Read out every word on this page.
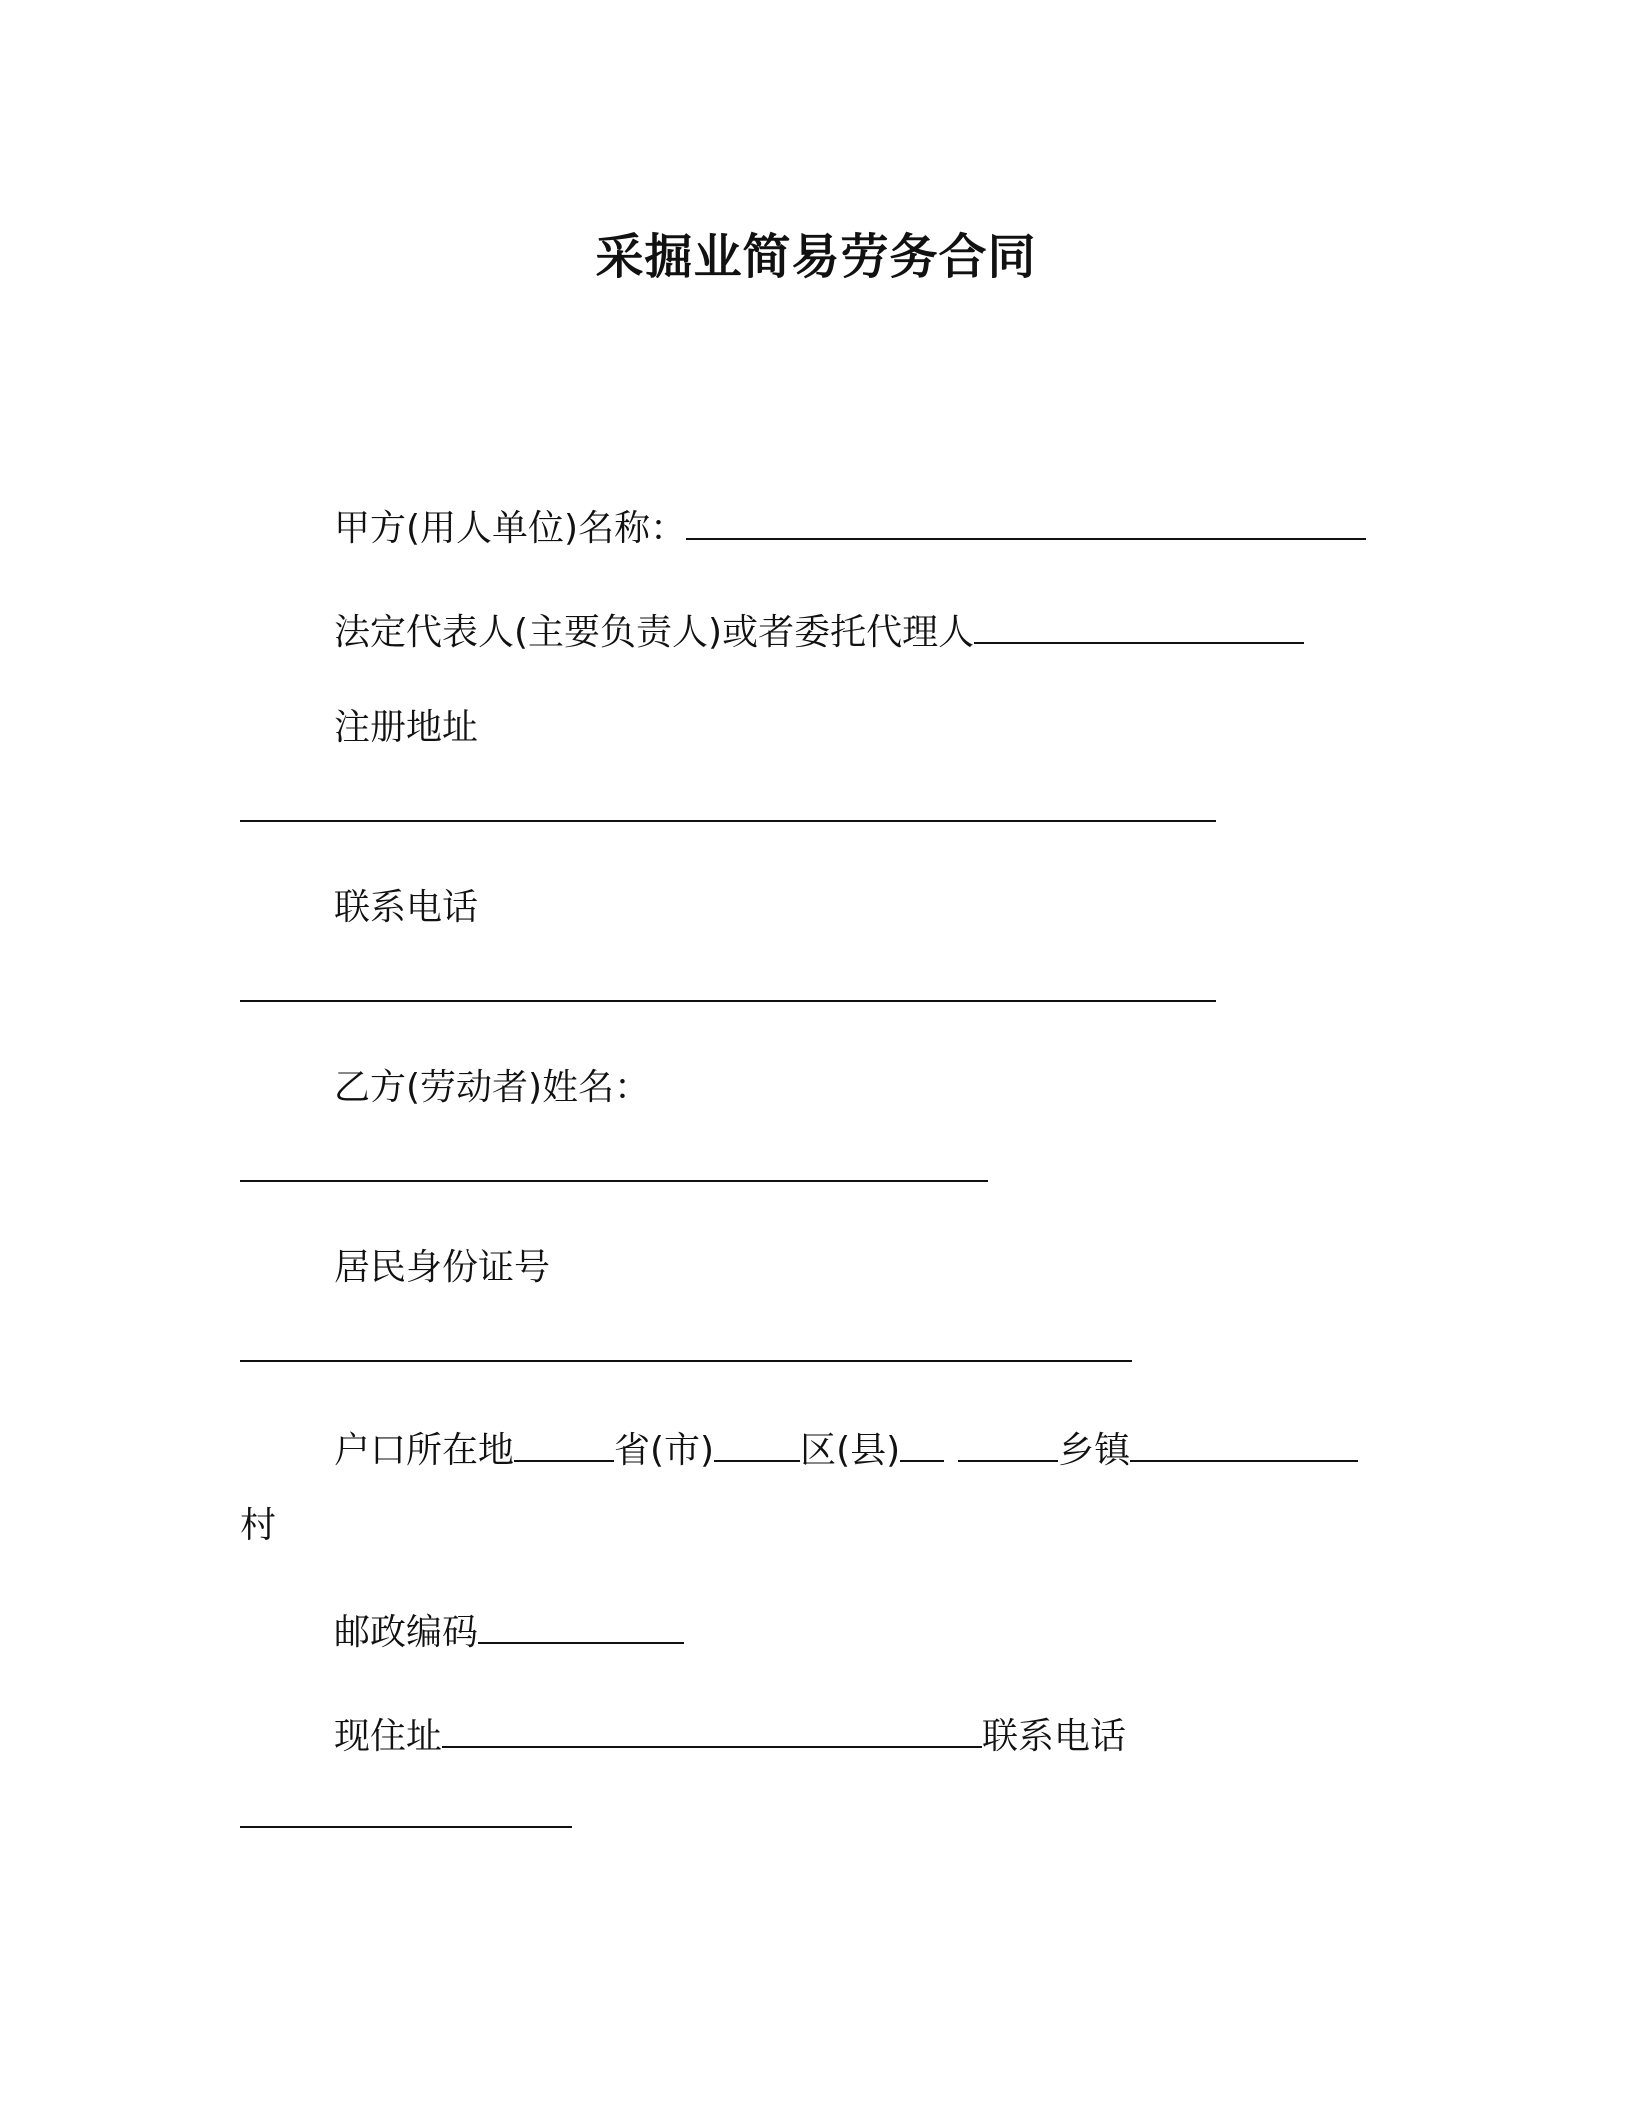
采掘业简易劳务合同
甲方(用人单位)名称：
法定代表人(主要负责人)或者委托代理人
注册地址
联系电话
乙方(劳动者)姓名：
居民身份证号
户口所在地	省(市) 区(县)	乡镇
村
邮政编码
现住址	联系电话
